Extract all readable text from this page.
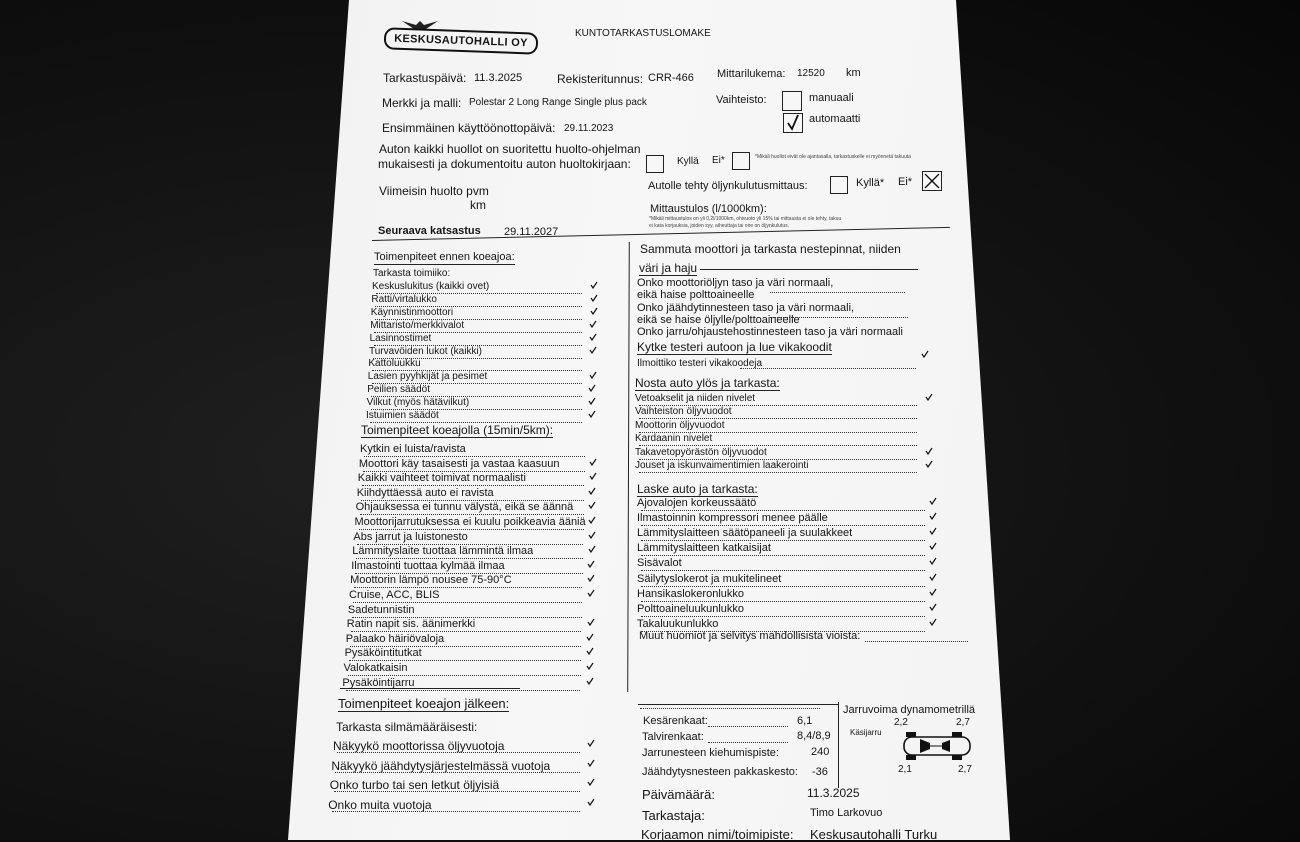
KESKUSAUTOHALLI OY	KUNTOTARKASTUSLOMAKE
Tarkastuspäivä: 11.3.2025	Rekisteritunnus: CRR-466 Mittarilukema: 12520 km
Merkki ja malli: Polestar 2 Long Range Single plus pack	Vaihteisto:	manuaali
automaatti
Ensimmäinen käyttöönottopäivä: 29.11.2023
Auton kaikki huollot on suoritettu huolto-ohjelman
mukaisesti ja dokumentoitu auton huoltokirjaan:	Kyllä Ei*	*Mikäli huollot eivät ole ajantasalla, tarkastuskelle ei myönnetä takuuta
Viimeisin huolto pvm
km
Autolle tehty öljynkulutusmittaus:	Kyllä* Ei*
Mittaustulos (l/1000km):
*Mikäli mittaustulos on yli 0,2l/1000km, ohivuoto yli 15% tai mittausta ei ole tehty, takuu
ei kata korjauksia, joiden syy, aiheuttaja tai oire on öljynkulutus.
Seuraava katsastus 29.11.2027
Kesärenkaat:	6,1
Talvirenkaat:	8,4/8,9
Jarrunesteen kiehumispiste:	240
Jäähdytysnesteen pakkaskesto: -36
Jarruvoima dynamometrillä
2,2	2,7
Käsijarru
2,1	2,7
Päivämäärä:	11.3.2025
Tarkastaja:	Timo Larkovuo
Korjaamon nimi/toimipiste: Keskusautohalli Turku
Toimenpiteet ennen koeajoa:
Tarkasta toimiiko:
Keskuslukitus (kaikki ovet)
Ratti/virtalukko
Käynnistinmoottori
Mittaristo/merkkivalot
Lasinnostimet
Turvavöiden lukot (kaikki)
Kattoluukku
Lasien pyyhkijät ja pesimet
Peilien säädöt
Vilkut (myös hätävilkut)
Istuimien säädöt
Toimenpiteet koeajolla (15min/5km):
Kytkin ei luista/ravista
Moottori käy tasaisesti ja vastaa kaasuun
Kaikki vaihteet toimivat normaalisti
Kiihdyttäessä auto ei ravista
Ohjauksessa ei tunnu välystä, eikä se äännä
Moottorijarrutuksessa ei kuulu poikkeavia ääniä
Abs jarrut ja luistonesto
Lämmityslaite tuottaa lämmintä ilmaa
Ilmastointi tuottaa kylmää ilmaa
Moottorin lämpö nousee 75-90°C
Cruise, ACC, BLIS
Sadetunnistin
Ratin napit sis. äänimerkki
Palaako häiriövaloja
Pysäköintitutkat
Valokatkaisin
Pysäköintijarru
Toimenpiteet koeajon jälkeen:
Tarkasta silmämääräisesti:
Näkyykö moottorissa öljyvuotoja
Näkyykö jäähdytysjärjestelmässä vuotoja
Onko turbo tai sen letkut öljyisiä
Onko muita vuotoja
Sammuta moottori ja tarkasta nestepinnat, niiden
väri ja haju
Onko moottoriöljyn taso ja väri normaali,
eikä haise polttoaineelle
Onko jäähdytinnesteen taso ja väri normaali,
eikä se haise öljylle/polttoaineelle
Onko jarru/ohjaustehostinnesteen taso ja väri normaali
Kytke testeri autoon ja lue vikakoodit
Ilmoittiko testeri vikakoodeja
Nosta auto ylös ja tarkasta:
Vetoakselit ja niiden nivelet
Vaihteiston öljyvuodot
Moottorin öljyvuodot
Kardaanin nivelet
Takavetopyörästön öljyvuodot
Jouset ja iskunvaimentimien laakerointi
Laske auto ja tarkasta:
Ajovalojen korkeussäätö
Ilmastoinnin kompressori menee päälle
Lämmityslaitteen säätöpaneeli ja suulakkeet
Lämmityslaitteen katkaisijat
Sisävalot
Säilytyslokerot ja mukitelineet
Hansikaslokeronlukko
Polttoaineluukunlukko
Takaluukunlukko
Muut huomiot ja selvitys mahdollisista vioista:
